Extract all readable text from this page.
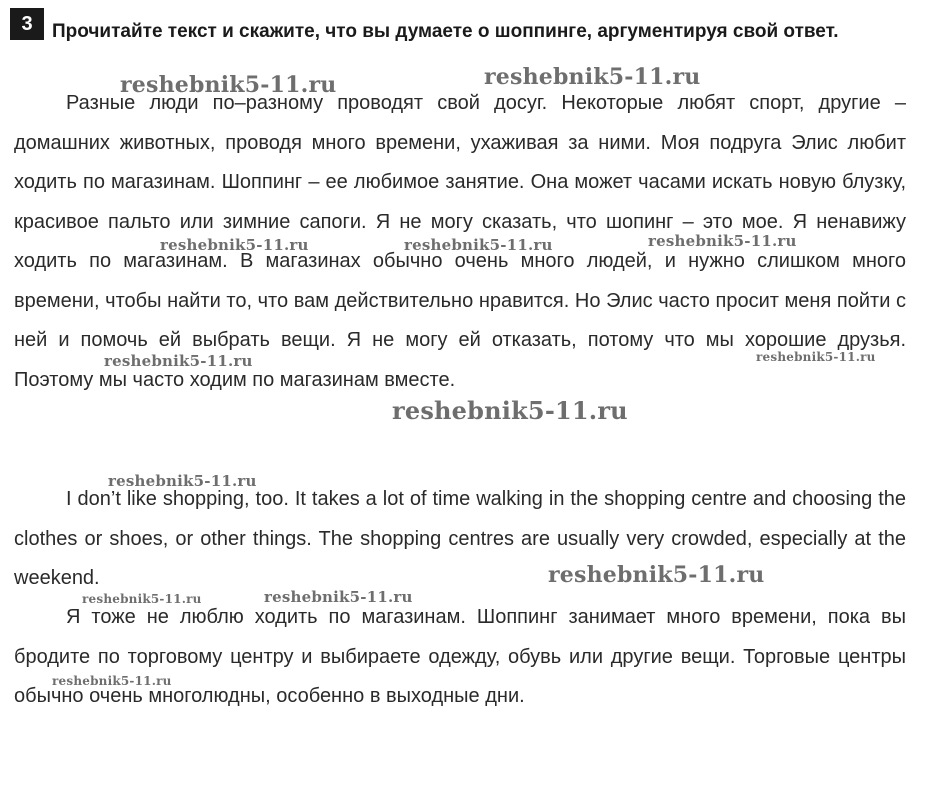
3	Прочитайте текст и скажите, что вы думаете о шоппинге, аргументируя свой ответ.

Разные люди по–разному проводят свой досуг. Некоторые любят спорт, другие – домашних животных, проводя много времени, ухаживая за ними. Моя подруга Элис любит ходить по магазинам. Шоппинг – ее любимое занятие. Она может часами искать новую блузку, красивое пальто или зимние сапоги. Я не могу сказать, что шопинг – это мое. Я ненавижу ходить по магазинам. В магазинах обычно очень много людей, и нужно слишком много времени, чтобы найти то, что вам действительно нравится. Но Элис часто просит меня пойти с ней и помочь ей выбрать вещи. Я не могу ей отказать, потому что мы хорошие друзья. Поэтому мы часто ходим по магазинам вместе.

I don’t like shopping, too. It takes a lot of time walking in the shopping centre and choosing the clothes or shoes, or other things. The shopping centres are usually very crowded, especially at the weekend.

Я тоже не люблю ходить по магазинам. Шоппинг занимает много времени, пока вы бродите по торговому центру и выбираете одежду, обувь или другие вещи. Торговые центры обычно очень многолюдны, особенно в выходные дни.

reshebnik5-11.ru	reshebnik5-11.ru
reshebnik5-11.ru	reshebnik5-11.ru	reshebnik5-11.ru
reshebnik5-11.ru	reshebnik5-11.ru
reshebnik5-11.ru
reshebnik5-11.ru
reshebnik5-11.ru
reshebnik5-11.ru	reshebnik5-11.ru
reshebnik5-11.ru
